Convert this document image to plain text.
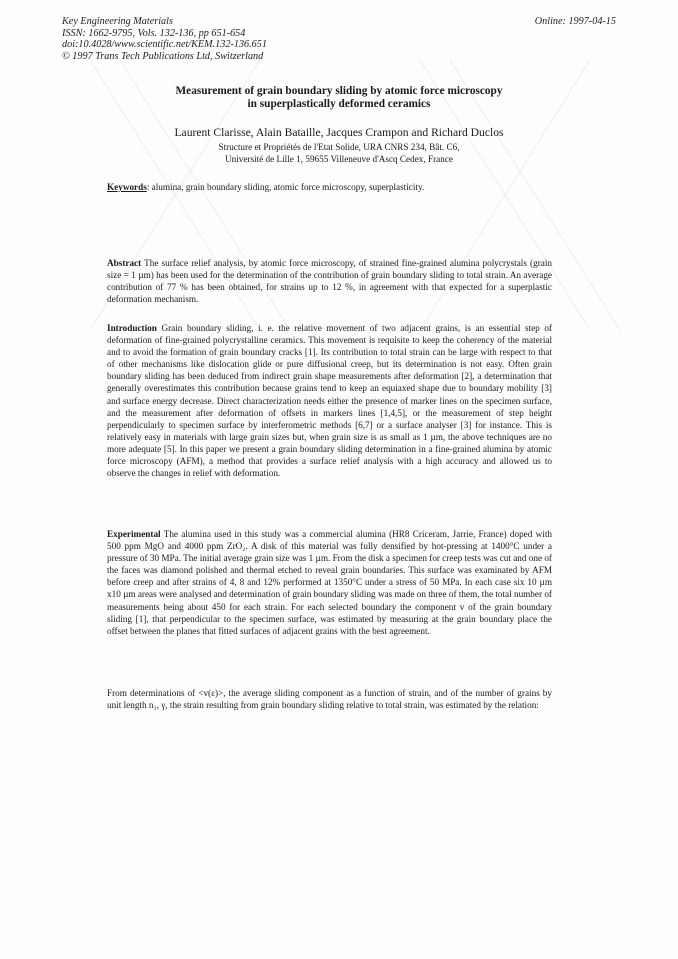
Key Engineering Materials
ISSN: 1662-9795, Vols. 132-136, pp 651-654
doi:10.4028/www.scientific.net/KEM.132-136.651
© 1997 Trans Tech Publications Ltd, Switzerland
Online: 1997-04-15
Measurement of grain boundary sliding by atomic force microscopy
in superplastically deformed ceramics
Laurent Clarisse, Alain Bataille, Jacques Crampon and Richard Duclos
Structure et Propriétés de l'Etat Solide, URA CNRS 234, Bât. C6,
Université de Lille 1, 59655 Villeneuve d'Ascq Cedex, France
Keywords: alumina, grain boundary sliding, atomic force microscopy, superplasticity.
Abstract The surface relief analysis, by atomic force microscopy, of strained fine-grained alumina polycrystals (grain size = 1 µm) has been used for the determination of the contribution of grain boundary sliding to total strain. An average contribution of 77 % has been obtained, for strains up to 12 %, in agreement with that expected for a superplastic deformation mechanism.
Introduction Grain boundary sliding, i. e. the relative movement of two adjacent grains, is an essential step of deformation of fine-grained polycrystalline ceramics. This movement is requisite to keep the coherency of the material and to avoid the formation of grain boundary cracks [1]. Its contribution to total strain can be large with respect to that of other mechanisms like dislocation glide or pure diffusional creep, but its determination is not easy. Often grain boundary sliding has been deduced from indirect grain shape measurements after deformation [2], a determination that generally overestimates this contribution because grains tend to keep an equiaxed shape due to boundary mobility [3] and surface energy decrease. Direct characterization needs either the presence of marker lines on the specimen surface, and the measurement after deformation of offsets in markers lines [1,4,5], or the measurement of step height perpendicularly to specimen surface by interferometric methods [6,7] or a surface analyser [3] for instance. This is relatively easy in materials with large grain sizes but, when grain size is as small as 1 µm, the above techniques are no more adequate [5]. In this paper we present a grain boundary sliding determination in a fine-grained alumina by atomic force microscopy (AFM), a method that provides a surface relief analysis with a high accuracy and allowed us to observe the changes in relief with deformation.
Experimental The alumina used in this study was a commercial alumina (HR8 Criceram, Jarrie, France) doped with 500 ppm MgO and 4000 ppm ZrO₂. A disk of this material was fully densified by hot-pressing at 1400°C under a pressure of 30 MPa. The initial average grain size was 1 µm. From the disk a specimen for creep tests was cut and one of the faces was diamond polished and thermal etched to reveal grain boundaries. This surface was examinated by AFM before creep and after strains of 4, 8 and 12% performed at 1350°C under a stress of 50 MPa. In each case six 10 µm x10 µm areas were analysed and determination of grain boundary sliding was made on three of them, the total number of measurements being about 450 for each strain. For each selected boundary the component v of the grain boundary sliding [1], that perpendicular to the specimen surface, was estimated by measuring at the grain boundary place the offset between the planes that fitted surfaces of adjacent grains with the best agreement.
From determinations of <v(ε)>, the average sliding component as a function of strain, and of the number of grains by unit length n₁, γ, the strain resulting from grain boundary sliding relative to total strain, was estimated by the relation:
